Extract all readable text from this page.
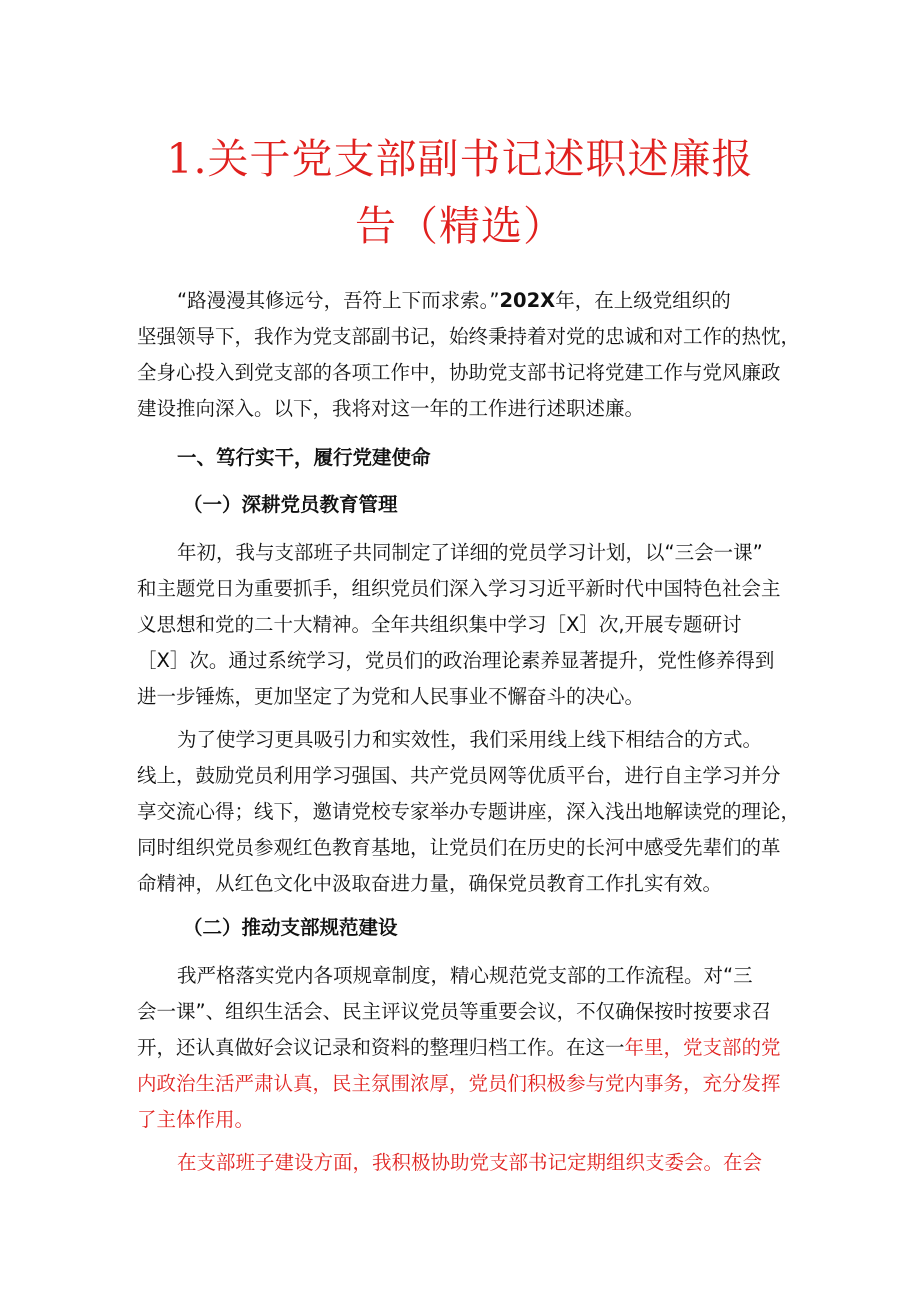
1.关于党支部副书记述职述廉报
告（精选）
“路漫漫其修远兮，吾符上下而求索。”202X年，在上级党组织的
坚强领导下，我作为党支部副书记，始终秉持着对党的忠诚和对工作的热忱，
全身心投入到党支部的各项工作中，协助党支部书记将党建工作与党风廉政
建设推向深入。以下，我将对这一年的工作进行述职述廉。
一、笃行实干，履行党建使命
（一）深耕党员教育管理
年初，我与支部班子共同制定了详细的党员学习计划，以“三会一课”
和主题党日为重要抓手，组织党员们深入学习习近平新时代中国特色社会主
义思想和党的二十大精神。全年共组织集中学习［X］次,开展专题研讨
［X］次。通过系统学习，党员们的政治理论素养显著提升，党性修养得到
进一步锤炼，更加坚定了为党和人民事业不懈奋斗的决心。
为了使学习更具吸引力和实效性，我们采用线上线下相结合的方式。
线上，鼓励党员利用学习强国、共产党员网等优质平台，进行自主学习并分
享交流心得；线下，邀请党校专家举办专题讲座，深入浅出地解读党的理论，
同时组织党员参观红色教育基地，让党员们在历史的长河中感受先辈们的革
命精神，从红色文化中汲取奋进力量，确保党员教育工作扎实有效。
（二）推动支部规范建设
我严格落实党内各项规章制度，精心规范党支部的工作流程。对“三
会一课”、组织生活会、民主评议党员等重要会议，不仅确保按时按要求召
开，还认真做好会议记录和资料的整理归档工作。在这一年里，党支部的党
内政治生活严肃认真，民主氛围浓厚，党员们积极参与党内事务，充分发挥
了主体作用。
在支部班子建设方面，我积极协助党支部书记定期组织支委会。在会
